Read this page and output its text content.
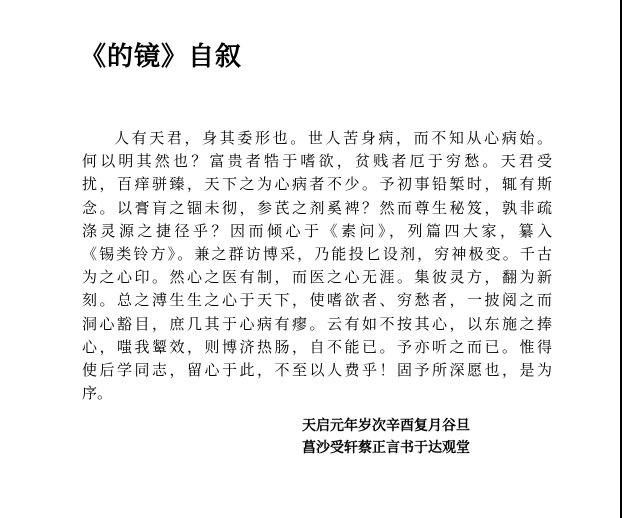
《的镜》自叙
人有天君，身其委形也。世人苦身病，而不知从心病始。
何以明其然也？富贵者牿于嗜欲，贫贱者厄于穷愁。天君受
扰，百痒骈臻，天下之为心病者不少。予初事铅椠时，辄有斯
念。以膏肓之锢未彻，参芪之剂奚裨？然而尊生秘笈，孰非疏
涤灵源之捷径乎？因而倾心于《素问》，列篇四大家，纂入
《锡类铃方》。兼之群访博采，乃能投匕设剂，穷神极变。千古
为之心印。然心之医有制，而医之心无涯。集彼灵方，翻为新
刻。总之溥生生之心于天下，使嗜欲者、穷愁者，一披阅之而
洞心豁目，庶几其于心病有瘳。云有如不按其心，以东施之捧
心，嗤我颦效，则博济热肠，自不能已。予亦听之而已。惟得
使后学同志，留心于此，不至以人费乎！固予所深愿也，是为
序。
天启元年岁次辛酉复月谷旦
菖沙受轩蔡正言书于达观堂
